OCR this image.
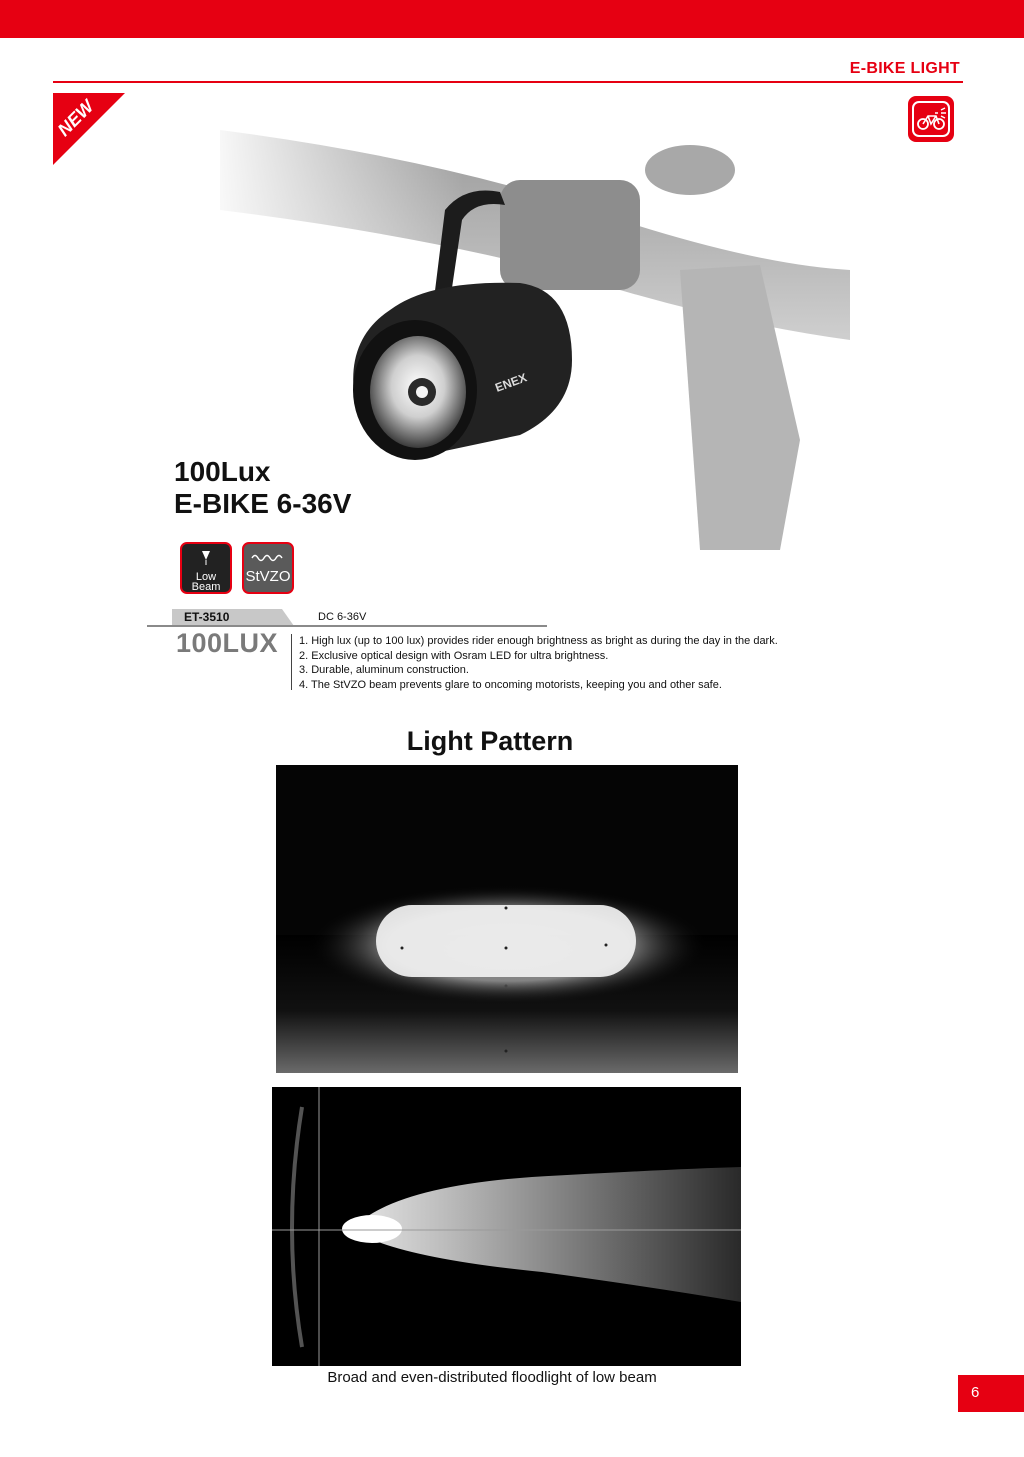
E-BIKE LIGHT
NEW
ENEX
100Lux
E-BIKE 6-36V
Low
Beam
StVZO
ET-3510	DC 6-36V
100LUX 1. High lux (up to 100 lux) provides rider enough brightness as bright as during the day in the dark.
2. Exclusive optical design with Osram LED for ultra brightness.
3. Durable, aluminum construction.
4. The StVZO beam prevents glare to oncoming motorists, keeping you and other safe.
Light Pattern
Broad and even-distributed floodlight of low beam
6
